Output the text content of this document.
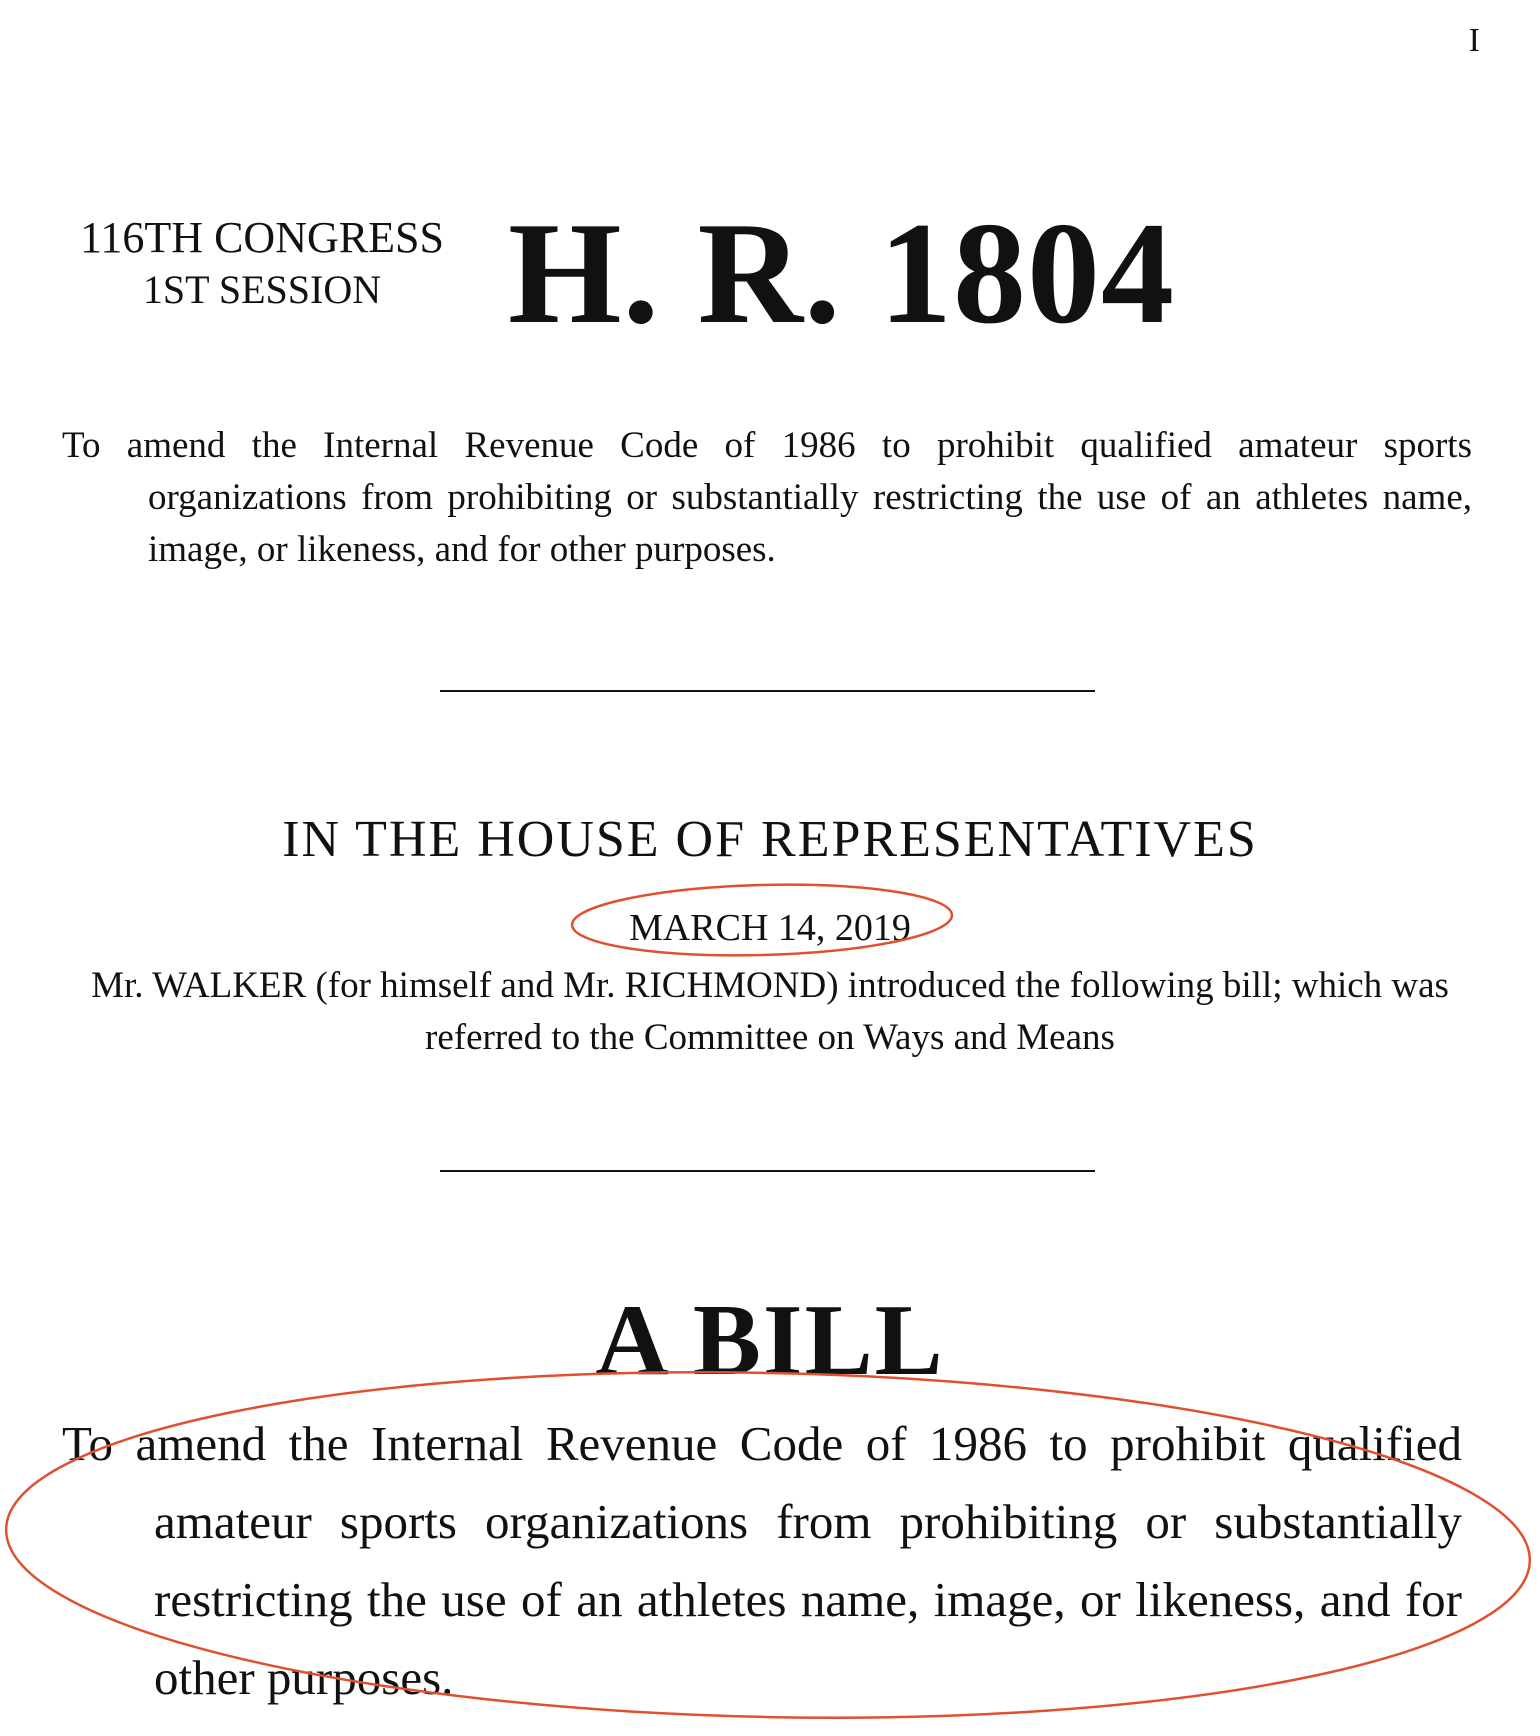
I
116TH CONGRESS
1ST SESSION H. R. 1804
To amend the Internal Revenue Code of 1986 to prohibit qualified amateur sports organizations from prohibiting or substantially restricting the use of an athletes name, image, or likeness, and for other purposes.
IN THE HOUSE OF REPRESENTATIVES
MARCH 14, 2019
Mr. WALKER (for himself and Mr. RICHMOND) introduced the following bill; which was referred to the Committee on Ways and Means
A BILL
To amend the Internal Revenue Code of 1986 to prohibit qualified amateur sports organizations from prohibiting or substantially restricting the use of an athletes name, image, or likeness, and for other purposes.
